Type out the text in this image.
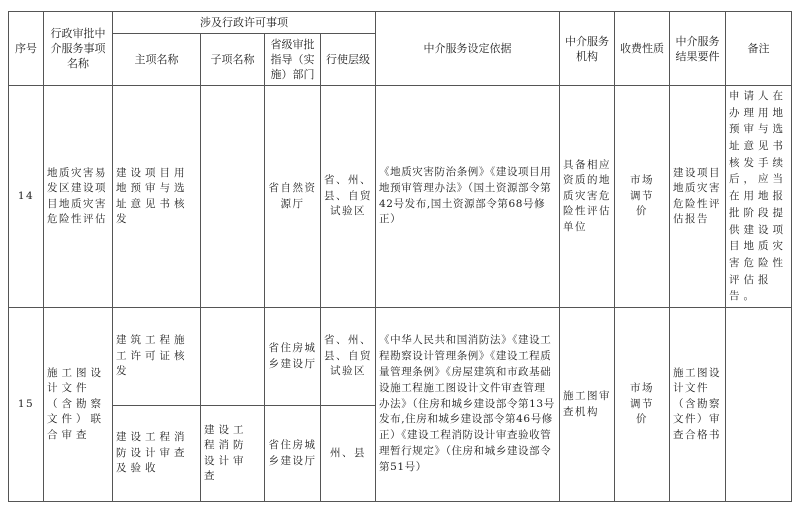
序号	行政审批中介服务事项名称	涉及行政许可事项				中介服务设定依据	中介服务机构	收费性质	中介服务结果要件	备注
		主项名称	子项名称	省级审批指导（实施）部门	行使层级					
14	地质灾害易发区建设项目地质灾害危险性评估	建设项目用地预审与选址意见书核发		省自然资源厅	省、州、县、自贸试验区	《地质灾害防治条例》《建设项目用地预审管理办法》（国土资源部令第42号发布,国土资源部令第68号修正）	具备相应资质的地质灾害危险性评估单位	市场调节价	建设项目地质灾害危险性评估报告	申请人在办理用地预审与选址意见书核发手续后，应当在用地报批阶段提供建设项目地质灾害危险性评估报告。
15	施工图设计文件（含勘察文件）联合审查	建筑工程施工许可证核发		省住房城乡建设厅	省、州、县、自贸试验区	《中华人民共和国消防法》《建设工程勘察设计管理条例》《建设工程质量管理条例》《房屋建筑和市政基础设施工程施工图设计文件审查管理办法》（住房和城乡建设部令第13号发布,住房和城乡建设部令第46号修正）《建设工程消防设计审查验收管理暂行规定》（住房和城乡建设部令第51号）	施工图审查机构	市场调节价	施工图设计文件（含勘察文件）审查合格书	
		建设工程消防设计审查及验收	建设工程消防设计审查	省住房城乡建设厅	州、县					
